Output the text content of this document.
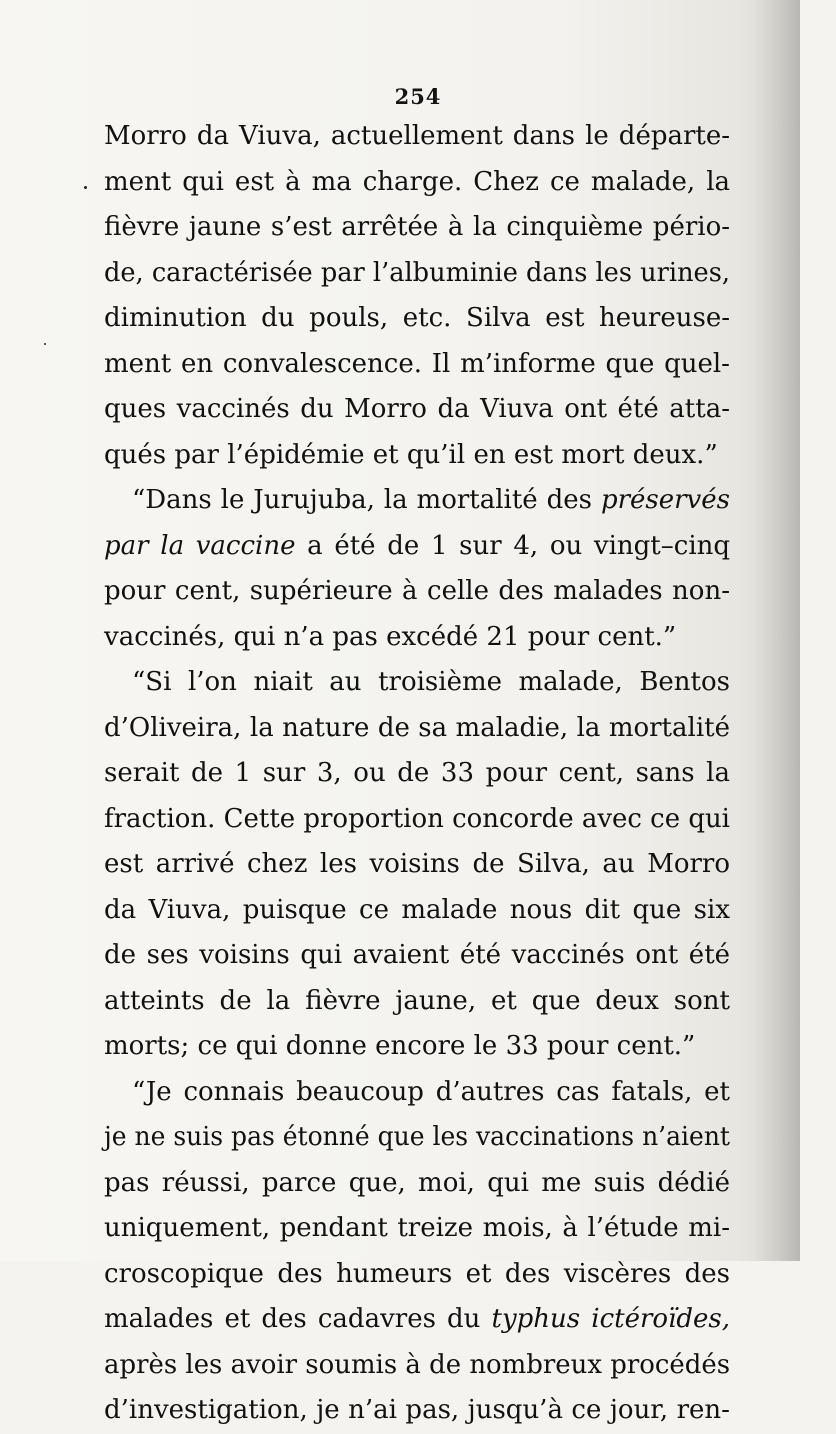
254
Morro da Viuva, actuellement dans le départe-
ment qui est à ma charge. Chez ce malade, la
fièvre jaune s’est arrêtée à la cinquième pério-
de, caractérisée par l’albuminie dans les urines,
diminution du pouls, etc. Silva est heureuse-
ment en convalescence. Il m’informe que quel-
ques vaccinés du Morro da Viuva ont été atta-
qués par l’épidémie et qu’il en est mort deux.”
“Dans le Jurujuba, la mortalité des préservés
par la vaccine a été de 1 sur 4, ou vingt–cinq
pour cent, supérieure à celle des malades non-
vaccinés, qui n’a pas excédé 21 pour cent.”
“Si l’on niait au troisième malade, Bentos
d’Oliveira, la nature de sa maladie, la mortalité
serait de 1 sur 3, ou de 33 pour cent, sans la
fraction. Cette proportion concorde avec ce qui
est arrivé chez les voisins de Silva, au Morro
da Viuva, puisque ce malade nous dit que six
de ses voisins qui avaient été vaccinés ont été
atteints de la fièvre jaune, et que deux sont
morts; ce qui donne encore le 33 pour cent.”
“Je connais beaucoup d’autres cas fatals, et
je ne suis pas étonné que les vaccinations n’aient
pas réussi, parce que, moi, qui me suis dédié
uniquement, pendant treize mois, à l’étude mi-
croscopique des humeurs et des viscères des
malades et des cadavres du typhus ictéroïdes,
après les avoir soumis à de nombreux procédés
d’investigation, je n’ai pas, jusqu’à ce jour, ren-
